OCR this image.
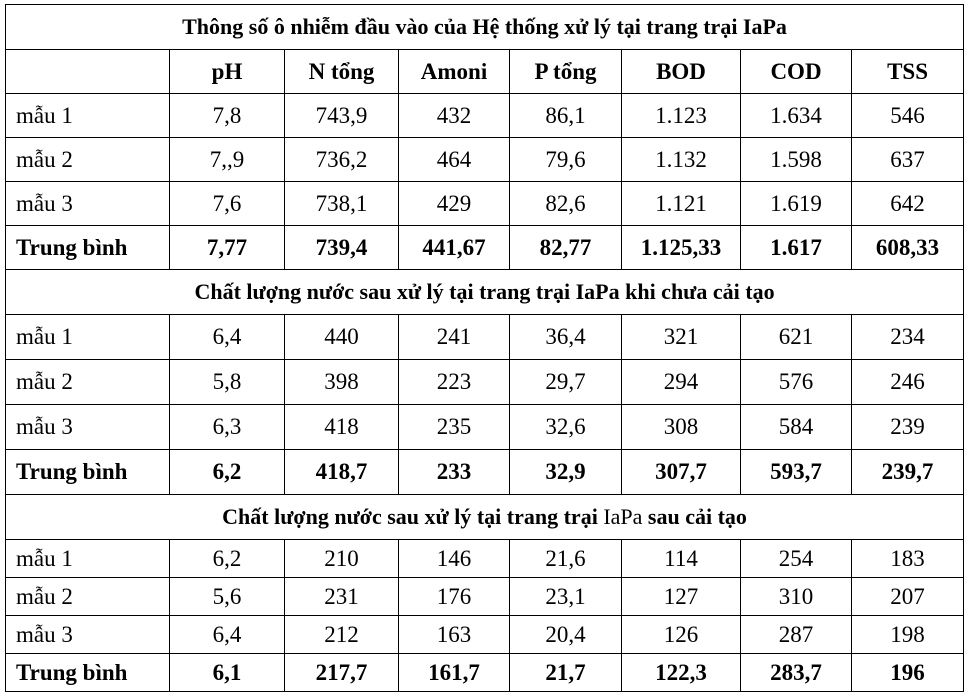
Thông số ô nhiễm đầu vào của Hệ thống xử lý tại trang trại IaPa							
	pH	N tổng	Amoni	P tổng	BOD	COD	TSS
mẫu 1	7,8	743,9	432	86,1	1.123	1.634	546
mẫu 2	7,,9	736,2	464	79,6	1.132	1.598	637
mẫu 3	7,6	738,1	429	82,6	1.121	1.619	642
Trung bình	7,77	739,4	441,67	82,77	1.125,33	1.617	608,33
Chất lượng nước sau xử lý tại trang trại IaPa khi chưa cải tạo							
mẫu 1	6,4	440	241	36,4	321	621	234
mẫu 2	5,8	398	223	29,7	294	576	246
mẫu 3	6,3	418	235	32,6	308	584	239
Trung bình	6,2	418,7	233	32,9	307,7	593,7	239,7
Chất lượng nước sau xử lý tại trang trại IaPa sau cải tạo							
mẫu 1	6,2	210	146	21,6	114	254	183
mẫu 2	5,6	231	176	23,1	127	310	207
mẫu 3	6,4	212	163	20,4	126	287	198
Trung bình	6,1	217,7	161,7	21,7	122,3	283,7	196
